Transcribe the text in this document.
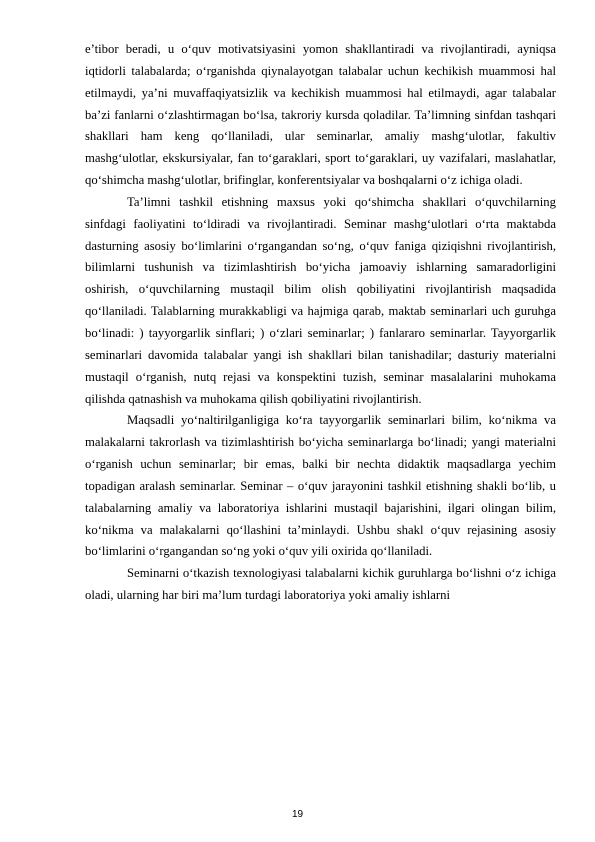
e’tibor beradi, u o‘quv motivatsiyasini yomon shakllantiradi va rivojlantiradi, ayniqsa iqtidorli talabalarda; o‘rganishda qiynalayotgan talabalar uchun kechikish muammosi hal etilmaydi, ya’ni muvaffaqiyatsizlik va kechikish muammosi hal etilmaydi, agar talabalar ba’zi fanlarni o‘zlashtirmagan bo‘lsa, takroriy kursda qoladilar. Ta’limning sinfdan tashqari shakllari ham keng qo‘llaniladi, ular seminarlar, amaliy mashg‘ulotlar, fakultiv mashg‘ulotlar, ekskursiyalar, fan to‘garaklari, sport to‘garaklari, uy vazifalari, maslahatlar, qo‘shimcha mashg‘ulotlar, brifinglar, konferentsiyalar va boshqalarni o‘z ichiga oladi.

Ta’limni tashkil etishning maxsus yoki qo‘shimcha shakllari o‘quvchilarning sinfdagi faoliyatini to‘ldiradi va rivojlantiradi. Seminar mashg‘ulotlari o‘rta maktabda dasturning asosiy bo‘limlarini o‘rgangandan so‘ng, o‘quv faniga qiziqishni rivojlantirish, bilimlarni tushunish va tizimlashtirish bo‘yicha jamoaviy ishlarning samaradorligini oshirish, o‘quvchilarning mustaqil bilim olish qobiliyatini rivojlantirish maqsadida qo‘llaniladi. Talablarning murakkabligi va hajmiga qarab, maktab seminarlari uch guruhga bo‘linadi: ) tayyorgarlik sinflari; ) o‘zlari seminarlar; ) fanlararo seminarlar. Tayyorgarlik seminarlari davomida talabalar yangi ish shakllari bilan tanishadilar; dasturiy materialni mustaqil o‘rganish, nutq rejasi va konspektini tuzish, seminar masalalarini muhokama qilishda qatnashish va muhokama qilish qobiliyatini rivojlantirish.

Maqsadli yo‘naltirilganligiga ko‘ra tayyorgarlik seminarlari bilim, ko‘nikma va malakalarni takrorlash va tizimlashtirish bo‘yicha seminarlarga bo‘linadi; yangi materialni o‘rganish uchun seminarlar; bir emas, balki bir nechta didaktik maqsadlarga yechim topadigan aralash seminarlar. Seminar – o‘quv jarayonini tashkil etishning shakli bo‘lib, u talabalarning amaliy va laboratoriya ishlarini mustaqil bajarishini, ilgari olingan bilim, ko‘nikma va malakalarni qo‘llashini ta’minlaydi. Ushbu shakl o‘quv rejasining asosiy bo‘limlarini o‘rgangandan so‘ng yoki o‘quv yili oxirida qo‘llaniladi.

Seminarni o‘tkazish texnologiyasi talabalarni kichik guruhlarga bo‘lishni o‘z ichiga oladi, ularning har biri ma’lum turdagi laboratoriya yoki amaliy ishlarni

19
